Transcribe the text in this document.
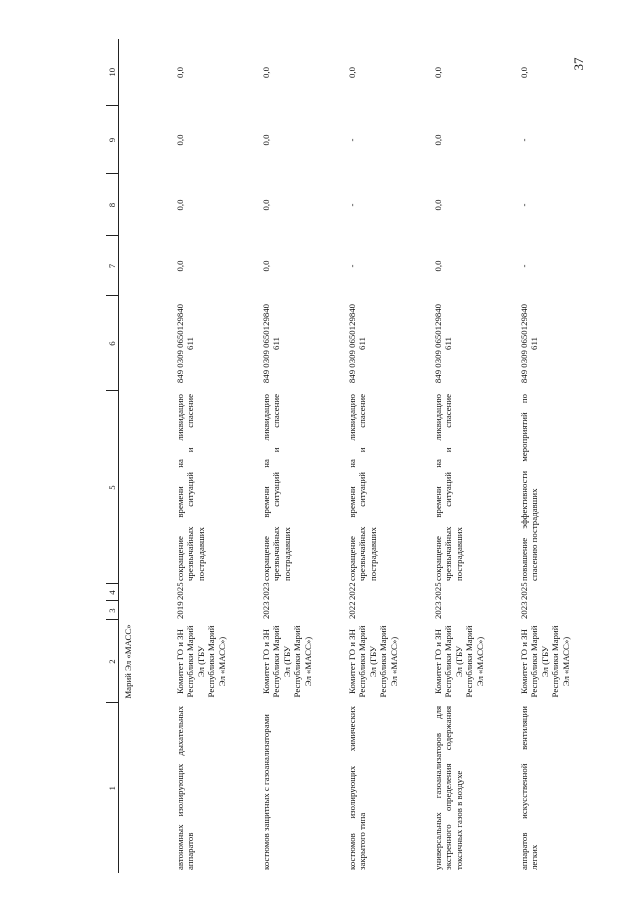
37
1	2	3	4	5	6	7	8	9	10
	Марий Эл «МАСС»								
автономных изолирующих дыхательных аппаратов	Комитет ГО и ЗН Республики Марий Эл (ГБУ Республики Марий Эл «МАСС»)	2019	2025	сокращение времени на ликвидацию чрезвычайных ситуаций и спасение пострадавших	849 0309 0650129840 611	0,0	0,0	0,0	0,0
костюмов защитных с газоанализаторами	Комитет ГО и ЗН Республики Марий Эл (ГБУ Республики Марий Эл «МАСС»)	2023	2023	сокращение времени на ликвидацию чрезвычайных ситуаций и спасение пострадавших	849 0309 0650129840 611	0,0	0,0	0,0	0,0
костюмов изолирующих химических закрытого типа	Комитет ГО и ЗН Республики Марий Эл (ГБУ Республики Марий Эл «МАСС»)	2022	2022	сокращение времени на ликвидацию чрезвычайных ситуаций и спасение пострадавших	849 0309 0650129840 611	-	-	-	0,0
универсальных газоанализаторов для экстренного определения содержания токсичных газов в воздухе	Комитет ГО и ЗН Республики Марий Эл (ГБУ Республики Марий Эл «МАСС»)	2023	2025	сокращение времени на ликвидацию чрезвычайных ситуаций и спасение пострадавших	849 0309 0650129840 611	0,0	0,0	0,0	0,0
аппаратов искусственной вентиляции легких	Комитет ГО и ЗН Республики Марий Эл (ГБУ Республики Марий Эл «МАСС»)	2023	2025	повышение эффективности мероприятий по спасению пострадавших	849 0309 0650129840 611	-	-	-	0,0
